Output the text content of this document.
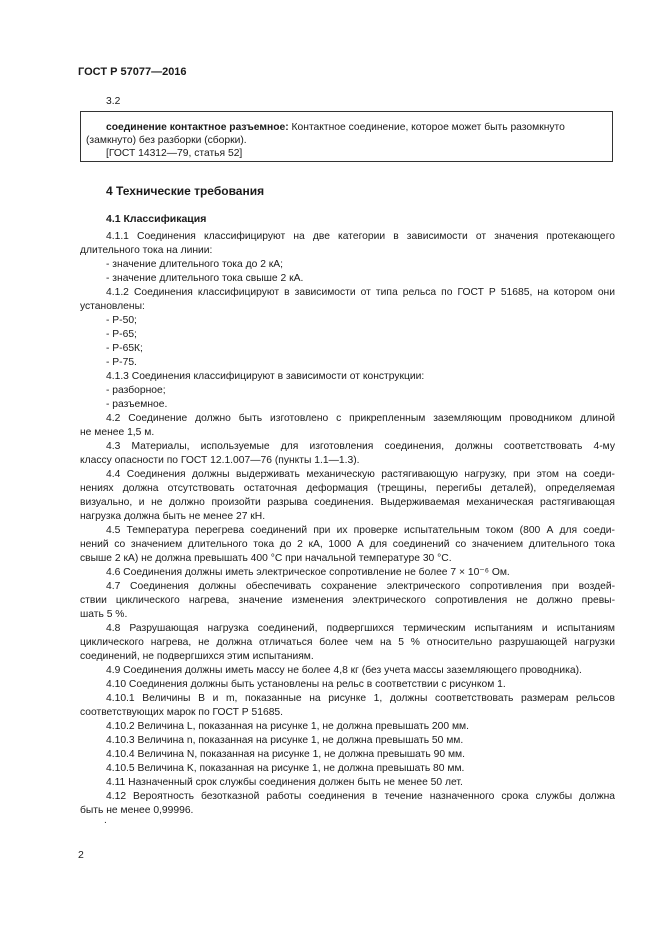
ГОСТ Р 57077—2016
3.2
соединение контактное разъемное: Контактное соединение, которое может быть разомкнуто
(замкнуто) без разборки (сборки).
[ГОСТ 14312—79, статья 52]
4 Технические требования
4.1 Классификация
4.1.1 Соединения классифицируют на две категории в зависимости от значения протекающего
длительного тока на линии:
- значение длительного тока до 2 кА;
- значение длительного тока свыше 2 кА.
4.1.2 Соединения классифицируют в зависимости от типа рельса по ГОСТ Р 51685, на котором они
установлены:
- Р-50;
- Р-65;
- Р-65К;
- Р-75.
4.1.3 Соединения классифицируют в зависимости от конструкции:
- разборное;
- разъемное.
4.2 Соединение должно быть изготовлено с прикрепленным заземляющим проводником длиной
не менее 1,5 м.
4.3 Материалы, используемые для изготовления соединения, должны соответствовать 4-му
классу опасности по ГОСТ 12.1.007—76 (пункты 1.1—1.3).
4.4 Соединения должны выдерживать механическую растягивающую нагрузку, при этом на соеди-
нениях должна отсутствовать остаточная деформация (трещины, перегибы деталей), определяемая
визуально, и не должно произойти разрыва соединения. Выдерживаемая механическая растягивающая
нагрузка должна быть не менее 27 кН.
4.5 Температура перегрева соединений при их проверке испытательным током (800 А для соеди-
нений со значением длительного тока до 2 кА, 1000 А для соединений со значением длительного тока
свыше 2 кА) не должна превышать 400 °С при начальной температуре 30 °С.
4.6 Соединения должны иметь электрическое сопротивление не более 7 × 10⁻⁶ Ом.
4.7 Соединения должны обеспечивать сохранение электрического сопротивления при воздей-
ствии циклического нагрева, значение изменения электрического сопротивления не должно превы-
шать 5 %.
4.8 Разрушающая нагрузка соединений, подвергшихся термическим испытаниям и испытаниям
циклического нагрева, не должна отличаться более чем на 5 % относительно разрушающей нагрузки
соединений, не подвергшихся этим испытаниям.
4.9 Соединения должны иметь массу не более 4,8 кг (без учета массы заземляющего проводника).
4.10 Соединения должны быть установлены на рельс в соответствии с рисунком 1.
4.10.1 Величины B и m, показанные на рисунке 1, должны соответствовать размерам рельсов
соответствующих марок по ГОСТ Р 51685.
4.10.2 Величина L, показанная на рисунке 1, не должна превышать 200 мм.
4.10.3 Величина n, показанная на рисунке 1, не должна превышать 50 мм.
4.10.4 Величина N, показанная на рисунке 1, не должна превышать 90 мм.
4.10.5 Величина K, показанная на рисунке 1, не должна превышать 80 мм.
4.11 Назначенный срок службы соединения должен быть не менее 50 лет.
4.12 Вероятность безотказной работы соединения в течение назначенного срока службы должна
быть не менее 0,99996.
.
2
